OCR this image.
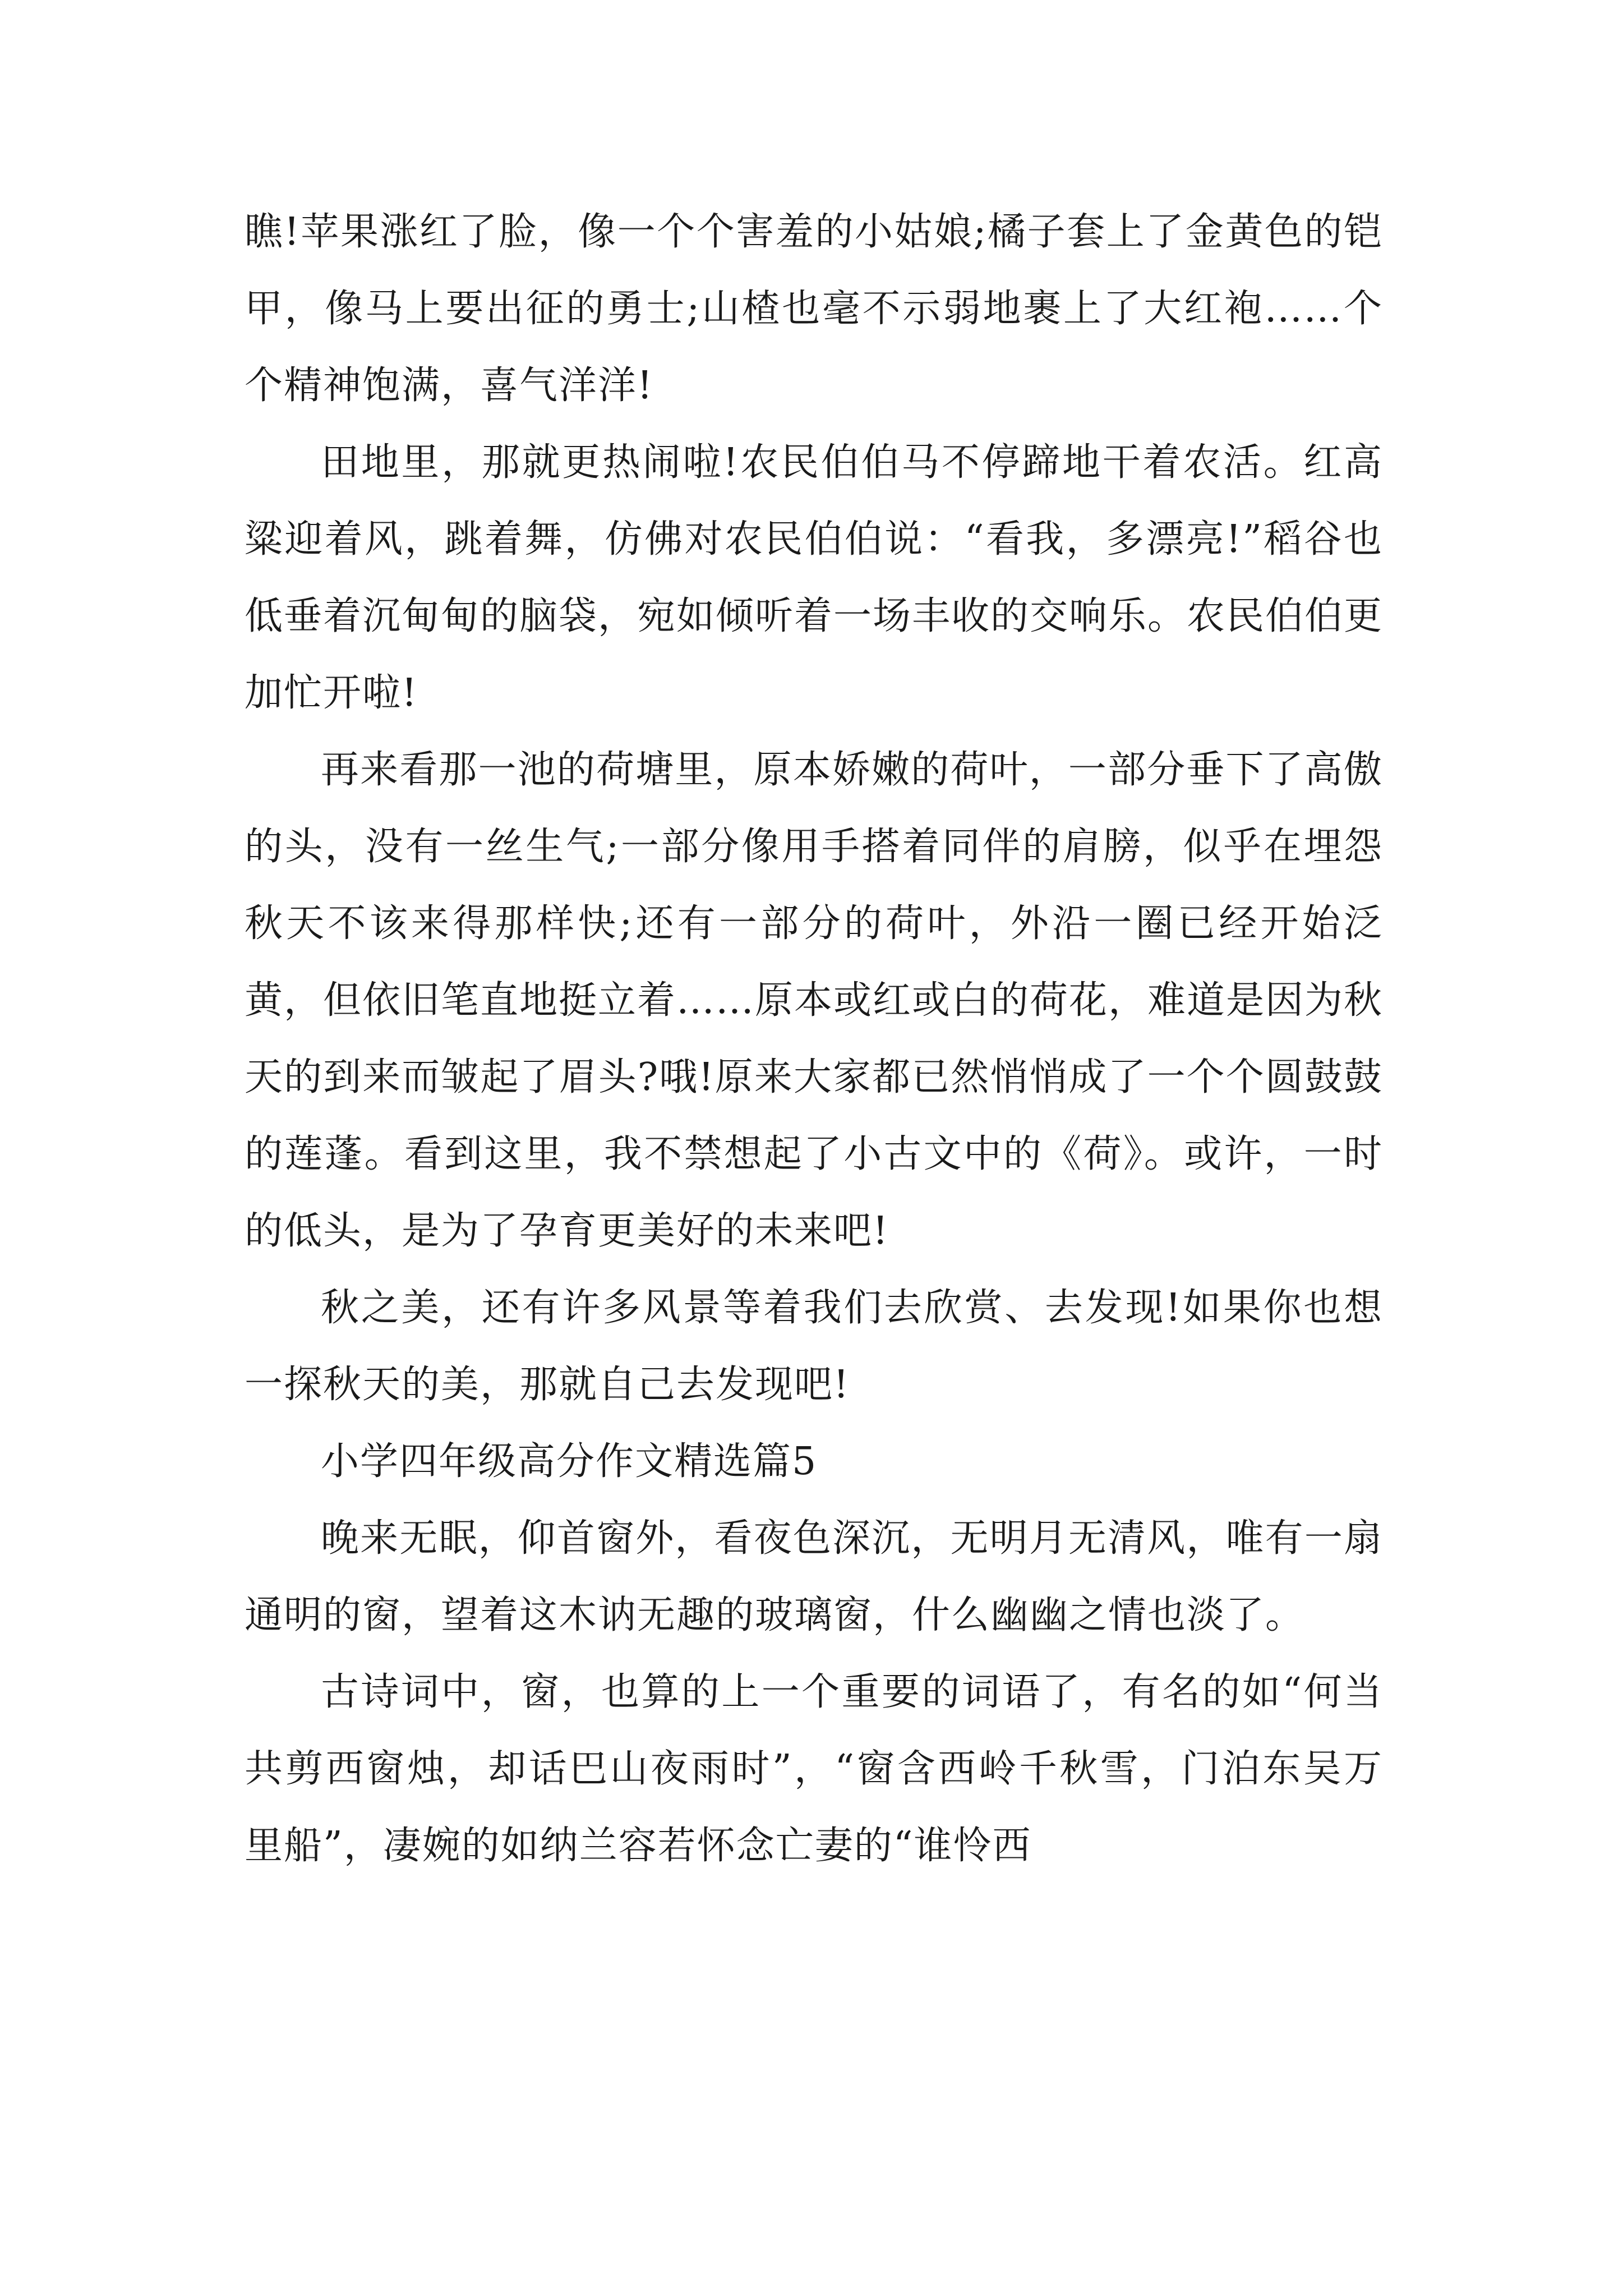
瞧!苹果涨红了脸，像一个个害羞的小姑娘;橘子套上了金黄色的铠甲，像马上要出征的勇士;山楂也毫不示弱地裹上了大红袍……个个精神饱满，喜气洋洋!

田地里，那就更热闹啦!农民伯伯马不停蹄地干着农活。红高粱迎着风，跳着舞，仿佛对农民伯伯说：“看我，多漂亮!”稻谷也低垂着沉甸甸的脑袋，宛如倾听着一场丰收的交响乐。农民伯伯更加忙开啦!

再来看那一池的荷塘里，原本娇嫩的荷叶，一部分垂下了高傲的头，没有一丝生气;一部分像用手搭着同伴的肩膀，似乎在埋怨秋天不该来得那样快;还有一部分的荷叶，外沿一圈已经开始泛黄，但依旧笔直地挺立着……原本或红或白的荷花，难道是因为秋天的到来而皱起了眉头?哦!原来大家都已然悄悄成了一个个圆鼓鼓的莲蓬。看到这里，我不禁想起了小古文中的《荷》。或许，一时的低头，是为了孕育更美好的未来吧!

秋之美，还有许多风景等着我们去欣赏、去发现!如果你也想一探秋天的美，那就自己去发现吧!

小学四年级高分作文精选篇5

晚来无眠，仰首窗外，看夜色深沉，无明月无清风，唯有一扇通明的窗，望着这木讷无趣的玻璃窗，什么幽幽之情也淡了。

古诗词中，窗，也算的上一个重要的词语了，有名的如“何当共剪西窗烛，却话巴山夜雨时”，“窗含西岭千秋雪，门泊东吴万里船”，凄婉的如纳兰容若怀念亡妻的“谁怜西
